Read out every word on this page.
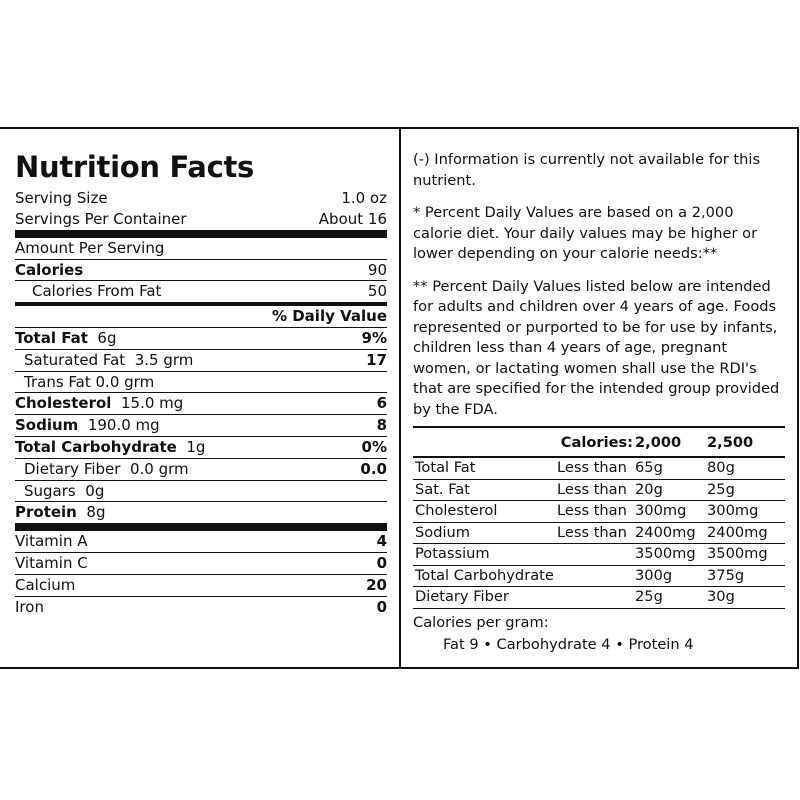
Nutrition Facts
Serving Size	1.0 oz
Servings Per Container	About 16
Amount Per Serving
Calories	90
Calories From Fat	50
% Daily Value
Total Fat 6g	9%
Saturated Fat 3.5 grm	17
Trans Fat 0.0 grm
Cholesterol 15.0 mg	6
Sodium 190.0 mg	8
Total Carbohydrate 1g	0%
Dietary Fiber 0.0 grm	0.0
Sugars 0g
Protein 8g
Vitamin A	4
Vitamin C	0
Calcium	20
Iron	0

(-) Information is currently not available for this nutrient.

* Percent Daily Values are based on a 2,000 calorie diet. Your daily values may be higher or lower depending on your calorie needs:**

** Percent Daily Values listed below are intended for adults and children over 4 years of age. Foods represented or purported to be for use by infants, children less than 4 years of age, pregnant women, or lactating women shall use the RDI's that are specified for the intended group provided by the FDA.

Calories: 2,000 2,500
Total Fat	Less than 65g	80g
Sat. Fat	Less than 20g	25g
Cholesterol	Less than 300mg 300mg
Sodium	Less than 2400mg 2400mg
Potassium	3500mg 3500mg
Total Carbohydrate	300g 375g
Dietary Fiber	25g	30g
Calories per gram:
Fat 9 • Carbohydrate 4 • Protein 4
